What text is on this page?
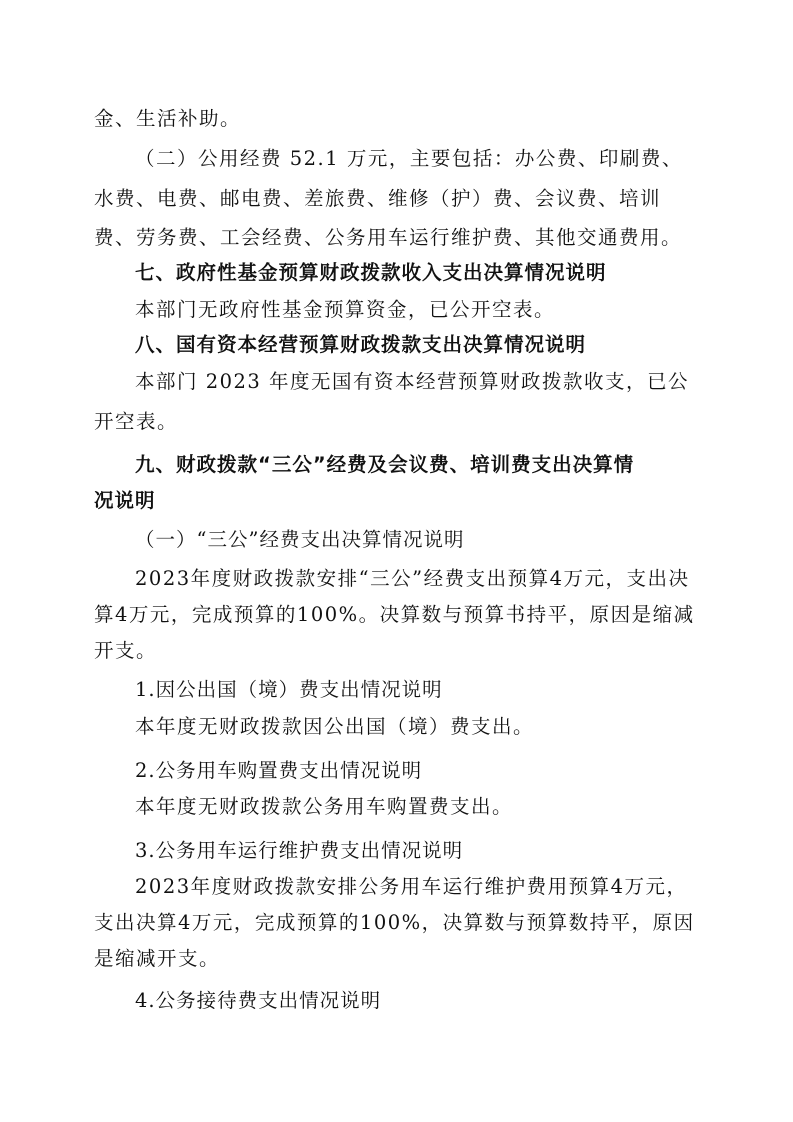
金、生活补助。
（二）公用经费 52.1 万元，主要包括：办公费、印刷费、
水费、电费、邮电费、差旅费、维修（护）费、会议费、培训
费、劳务费、工会经费、公务用车运行维护费、其他交通费用。
七、政府性基金预算财政拨款收入支出决算情况说明
本部门无政府性基金预算资金，已公开空表。
八、国有资本经营预算财政拨款支出决算情况说明
本部门 2023 年度无国有资本经营预算财政拨款收支，已公
开空表。
九、财政拨款“三公”经费及会议费、培训费支出决算情
况说明
（一）“三公”经费支出决算情况说明
2023年度财政拨款安排“三公”经费支出预算4万元，支出决
算4万元，完成预算的100%。决算数与预算书持平，原因是缩减
开支。
1.因公出国（境）费支出情况说明
本年度无财政拨款因公出国（境）费支出。
2.公务用车购置费支出情况说明
本年度无财政拨款公务用车购置费支出。
3.公务用车运行维护费支出情况说明
2023年度财政拨款安排公务用车运行维护费用预算4万元，
支出决算4万元，完成预算的100%，决算数与预算数持平，原因
是缩减开支。
4.公务接待费支出情况说明
